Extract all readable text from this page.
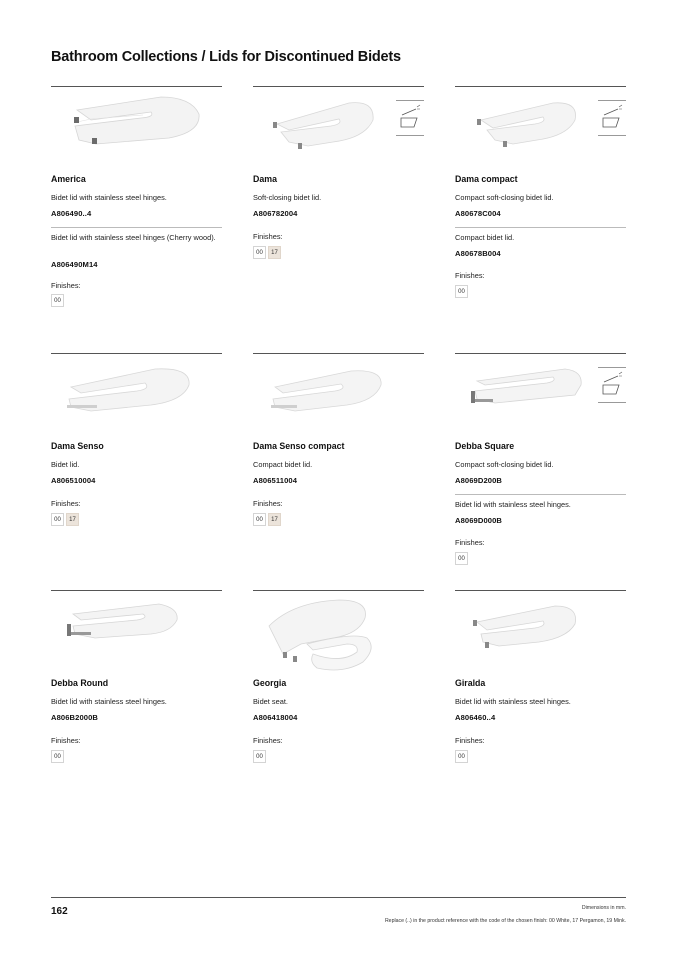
Bathroom Collections / Lids for Discontinued Bidets
America
Bidet lid with stainless steel hinges.
A806490..4
Bidet lid with stainless steel hinges (Cherry wood).
A806490M14
Finishes:
00
Dama
Soft-closing bidet lid.
A806782004
Finishes:
00	17
Dama compact
Compact soft-closing bidet lid.
A80678C004
Compact bidet lid.
A80678B004
Finishes:
00
Dama Senso
Bidet lid.
A806510004
Finishes:
00	17
Dama Senso compact
Compact bidet lid.
A806511004
Finishes:
00	17
Debba Square
Compact soft-closing bidet lid.
A8069D200B
Bidet lid with stainless steel hinges.
A8069D000B
Finishes:
00
Debba Round
Bidet lid with stainless steel hinges.
A806B2000B
Finishes:
00
Georgia
Bidet seat.
A806418004
Finishes:
00
Giralda
Bidet lid with stainless steel hinges.
A806460..4
Finishes:
00
162	Dimensions in mm.
Replace (..) in the product reference with the code of the chosen finish: 00 White, 17 Pergamon, 19 Mink.
